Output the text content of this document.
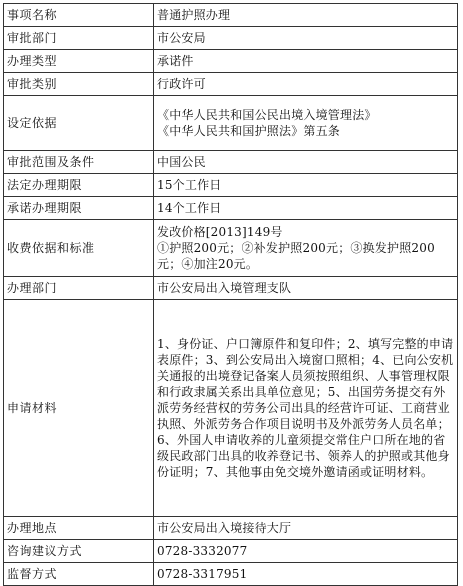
事项名称	普通护照办理
审批部门	市公安局
办理类型	承诺件
审批类别	行政许可
设定依据	《中华人民共和国公民出境入境管理法》
《中华人民共和国护照法》第五条

审批范围及条件	中国公民
法定办理期限	15个工作日
承诺办理期限	14个工作日
收费依据和标准	发改价格[2013]149号
①护照200元；②补发护照200元；③换发护照200元；④加注20元。

办理部门	市公安局出入境管理支队
申请材料	1、身份证、户口簿原件和复印件；2、填写完整的申请表原件；3、到公安局出入境窗口照相；4、已向公安机关通报的出境登记备案人员须按照组织、人事管理权限和行政隶属关系出具单位意见；5、出国劳务提交有外派劳务经营权的劳务公司出具的经营许可证、工商营业执照、外派劳务合作项目说明书及外派劳务人员名单；6、外国人申请收养的儿童须提交常住户口所在地的省级民政部门出具的收养登记书、领养人的护照或其他身份证明；7、其他事由免交境外邀请函或证明材料。
办理地点	市公安局出入境接待大厅
咨询建议方式	0728-3332077
监督方式	0728-3317951
